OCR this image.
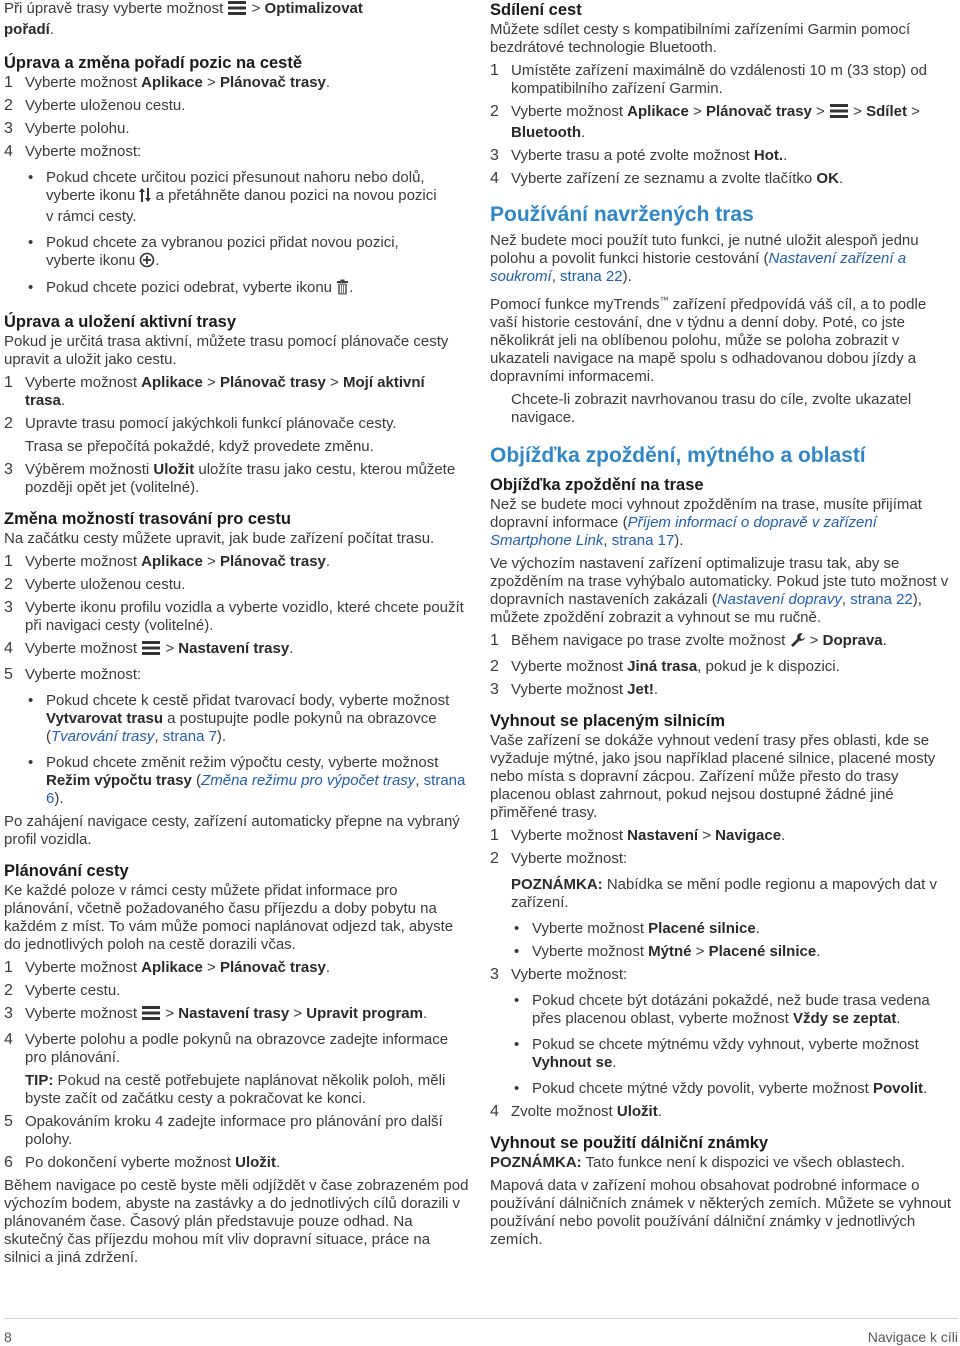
Při úpravě trasy vyberte možnost  > Optimalizovat

pořadí.

Úprava a změna pořadí pozic na cestě
1 Vyberte možnost Aplikace > Plánovač trasy.
2 Vyberte uloženou cestu.
3 Vyberte polohu.
4 Vyberte možnost:
• Pokud chcete určitou pozici přesunout nahoru nebo dolů,
vyberte ikonu a přetáhněte danou pozici na novou pozici
v rámci cesty.
• Pokud chcete za vybranou pozici přidat novou pozici,
vyberte ikonu .
• Pokud chcete pozici odebrat, vyberte ikonu .
Úprava a uložení aktivní trasy

Pokud je určitá trasa aktivní, můžete trasu pomocí plánovače cesty upravit a uložit jako cestu.

1 Vyberte možnost Aplikace > Plánovač trasy > Mojí aktivní
trasa.
2 Upravte trasu pomocí jakýchkoli funkcí plánovače cesty.
Trasa se přepočítá pokaždé, když provedete změnu.
3 Výběrem možnosti Uložit uložíte trasu jako cestu, kterou můžete později opět jet (volitelné).
Změna možností trasování pro cestu

Na začátku cesty můžete upravit, jak bude zařízení počítat trasu.

1 Vyberte možnost Aplikace > Plánovač trasy.
2 Vyberte uloženou cestu.
3 Vyberte ikonu profilu vozidla a vyberte vozidlo, které chcete použít při navigaci cesty (volitelné).
4 Vyberte možnost  > Nastavení trasy.
5 Vyberte možnost:
• Pokud chcete k cestě přidat tvarovací body, vyberte možnost Vytvarovat trasu a postupujte podle pokynů na obrazovce (Tvarování trasy, strana 7).
• Pokud chcete změnit režim výpočtu cesty, vyberte možnost Režim výpočtu trasy (Změna režimu pro výpočet trasy, strana 6).

Po zahájení navigace cesty, zařízení automaticky přepne na vybraný profil vozidla.

Plánování cesty

Ke každé poloze v rámci cesty můžete přidat informace pro plánování, včetně požadovaného času příjezdu a doby pobytu na každém z míst. To vám může pomoci naplánovat odjezd tak, abyste do jednotlivých poloh na cestě dorazili včas.

1 Vyberte možnost Aplikace > Plánovač trasy.
2 Vyberte cestu.
3 Vyberte možnost  > Nastavení trasy > Upravit program.
4 Vyberte polohu a podle pokynů na obrazovce zadejte informace pro plánování.
TIP: Pokud na cestě potřebujete naplánovat několik poloh, měli byste začít od začátku cesty a pokračovat ke konci.
5 Opakováním kroku 4 zadejte informace pro plánování pro další polohy.
6 Po dokončení vyberte možnost Uložit.

Během navigace po cestě byste měli odjíždět v čase zobrazeném pod výchozím bodem, abyste na zastávky a do jednotlivých cílů dorazili v plánovaném čase. Časový plán představuje pouze odhad. Na skutečný čas příjezdu mohou mít vliv dopravní situace, práce na silnici a jiná zdržení.

Sdílení cest

Můžete sdílet cesty s kompatibilními zařízeními Garmin pomocí bezdrátové technologie Bluetooth.

1 Umístěte zařízení maximálně do vzdálenosti 10 m (33 stop) od kompatibilního zařízení Garmin.
2 Vyberte možnost Aplikace > Plánovač trasy >  > Sdílet >
Bluetooth.
3 Vyberte trasu a poté zvolte možnost Hot..
4 Vyberte zařízení ze seznamu a zvolte tlačítko OK.
Používání navržených tras

Než budete moci použít tuto funkci, je nutné uložit alespoň jednu polohu a povolit funkci historie cestování (Nastavení zařízení a soukromí, strana 22).

Pomocí funkce myTrends™ zařízení předpovídá váš cíl, a to podle vaší historie cestování, dne v týdnu a denní doby. Poté, co jste několikrát jeli na oblíbenou polohu, může se poloha zobrazit v ukazateli navigace na mapě spolu s odhadovanou dobou jízdy a dopravními informacemi.

Chcete-li zobrazit navrhovanou trasu do cíle, zvolte ukazatel navigace.
Objížďka zpoždění, mýtného a oblastí
Objížďka zpoždění na trase

Než se budete moci vyhnout zpožděním na trase, musíte přijímat dopravní informace (Příjem informací o dopravě v zařízení Smartphone Link, strana 17).

Ve výchozím nastavení zařízení optimalizuje trasu tak, aby se zpožděním na trase vyhýbalo automaticky. Pokud jste tuto možnost v dopravních nastaveních zakázali (Nastavení dopravy, strana 22), můžete zpoždění zobrazit a vyhnout se mu ručně.

1 Během navigace po trase zvolte možnost  > Doprava.
2 Vyberte možnost Jiná trasa, pokud je k dispozici.
3 Vyberte možnost Jet!.
Vyhnout se placeným silnicím

Vaše zařízení se dokáže vyhnout vedení trasy přes oblasti, kde se vyžaduje mýtné, jako jsou například placené silnice, placené mosty nebo místa s dopravní zácpou. Zařízení může přesto do trasy placenou oblast zahrnout, pokud nejsou dostupné žádné jiné přiměřené trasy.

1 Vyberte možnost Nastavení > Navigace.
2 Vyberte možnost:
POZNÁMKA: Nabídka se mění podle regionu a mapových dat v zařízení.
• Vyberte možnost Placené silnice.
• Vyberte možnost Mýtné > Placené silnice.
3 Vyberte možnost:
• Pokud chcete být dotázáni pokaždé, než bude trasa vedena přes placenou oblast, vyberte možnost Vždy se zeptat.
• Pokud se chcete mýtnému vždy vyhnout, vyberte možnost Vyhnout se.
• Pokud chcete mýtné vždy povolit, vyberte možnost Povolit.
4 Zvolte možnost Uložit.
Vyhnout se použití dálniční známky

POZNÁMKA: Tato funkce není k dispozici ve všech oblastech.

Mapová data v zařízení mohou obsahovat podrobné informace o používání dálničních známek v některých zemích. Můžete se vyhnout používání nebo povolit používání dálniční známky v jednotlivých zemích.

8	Navigace k cíli
